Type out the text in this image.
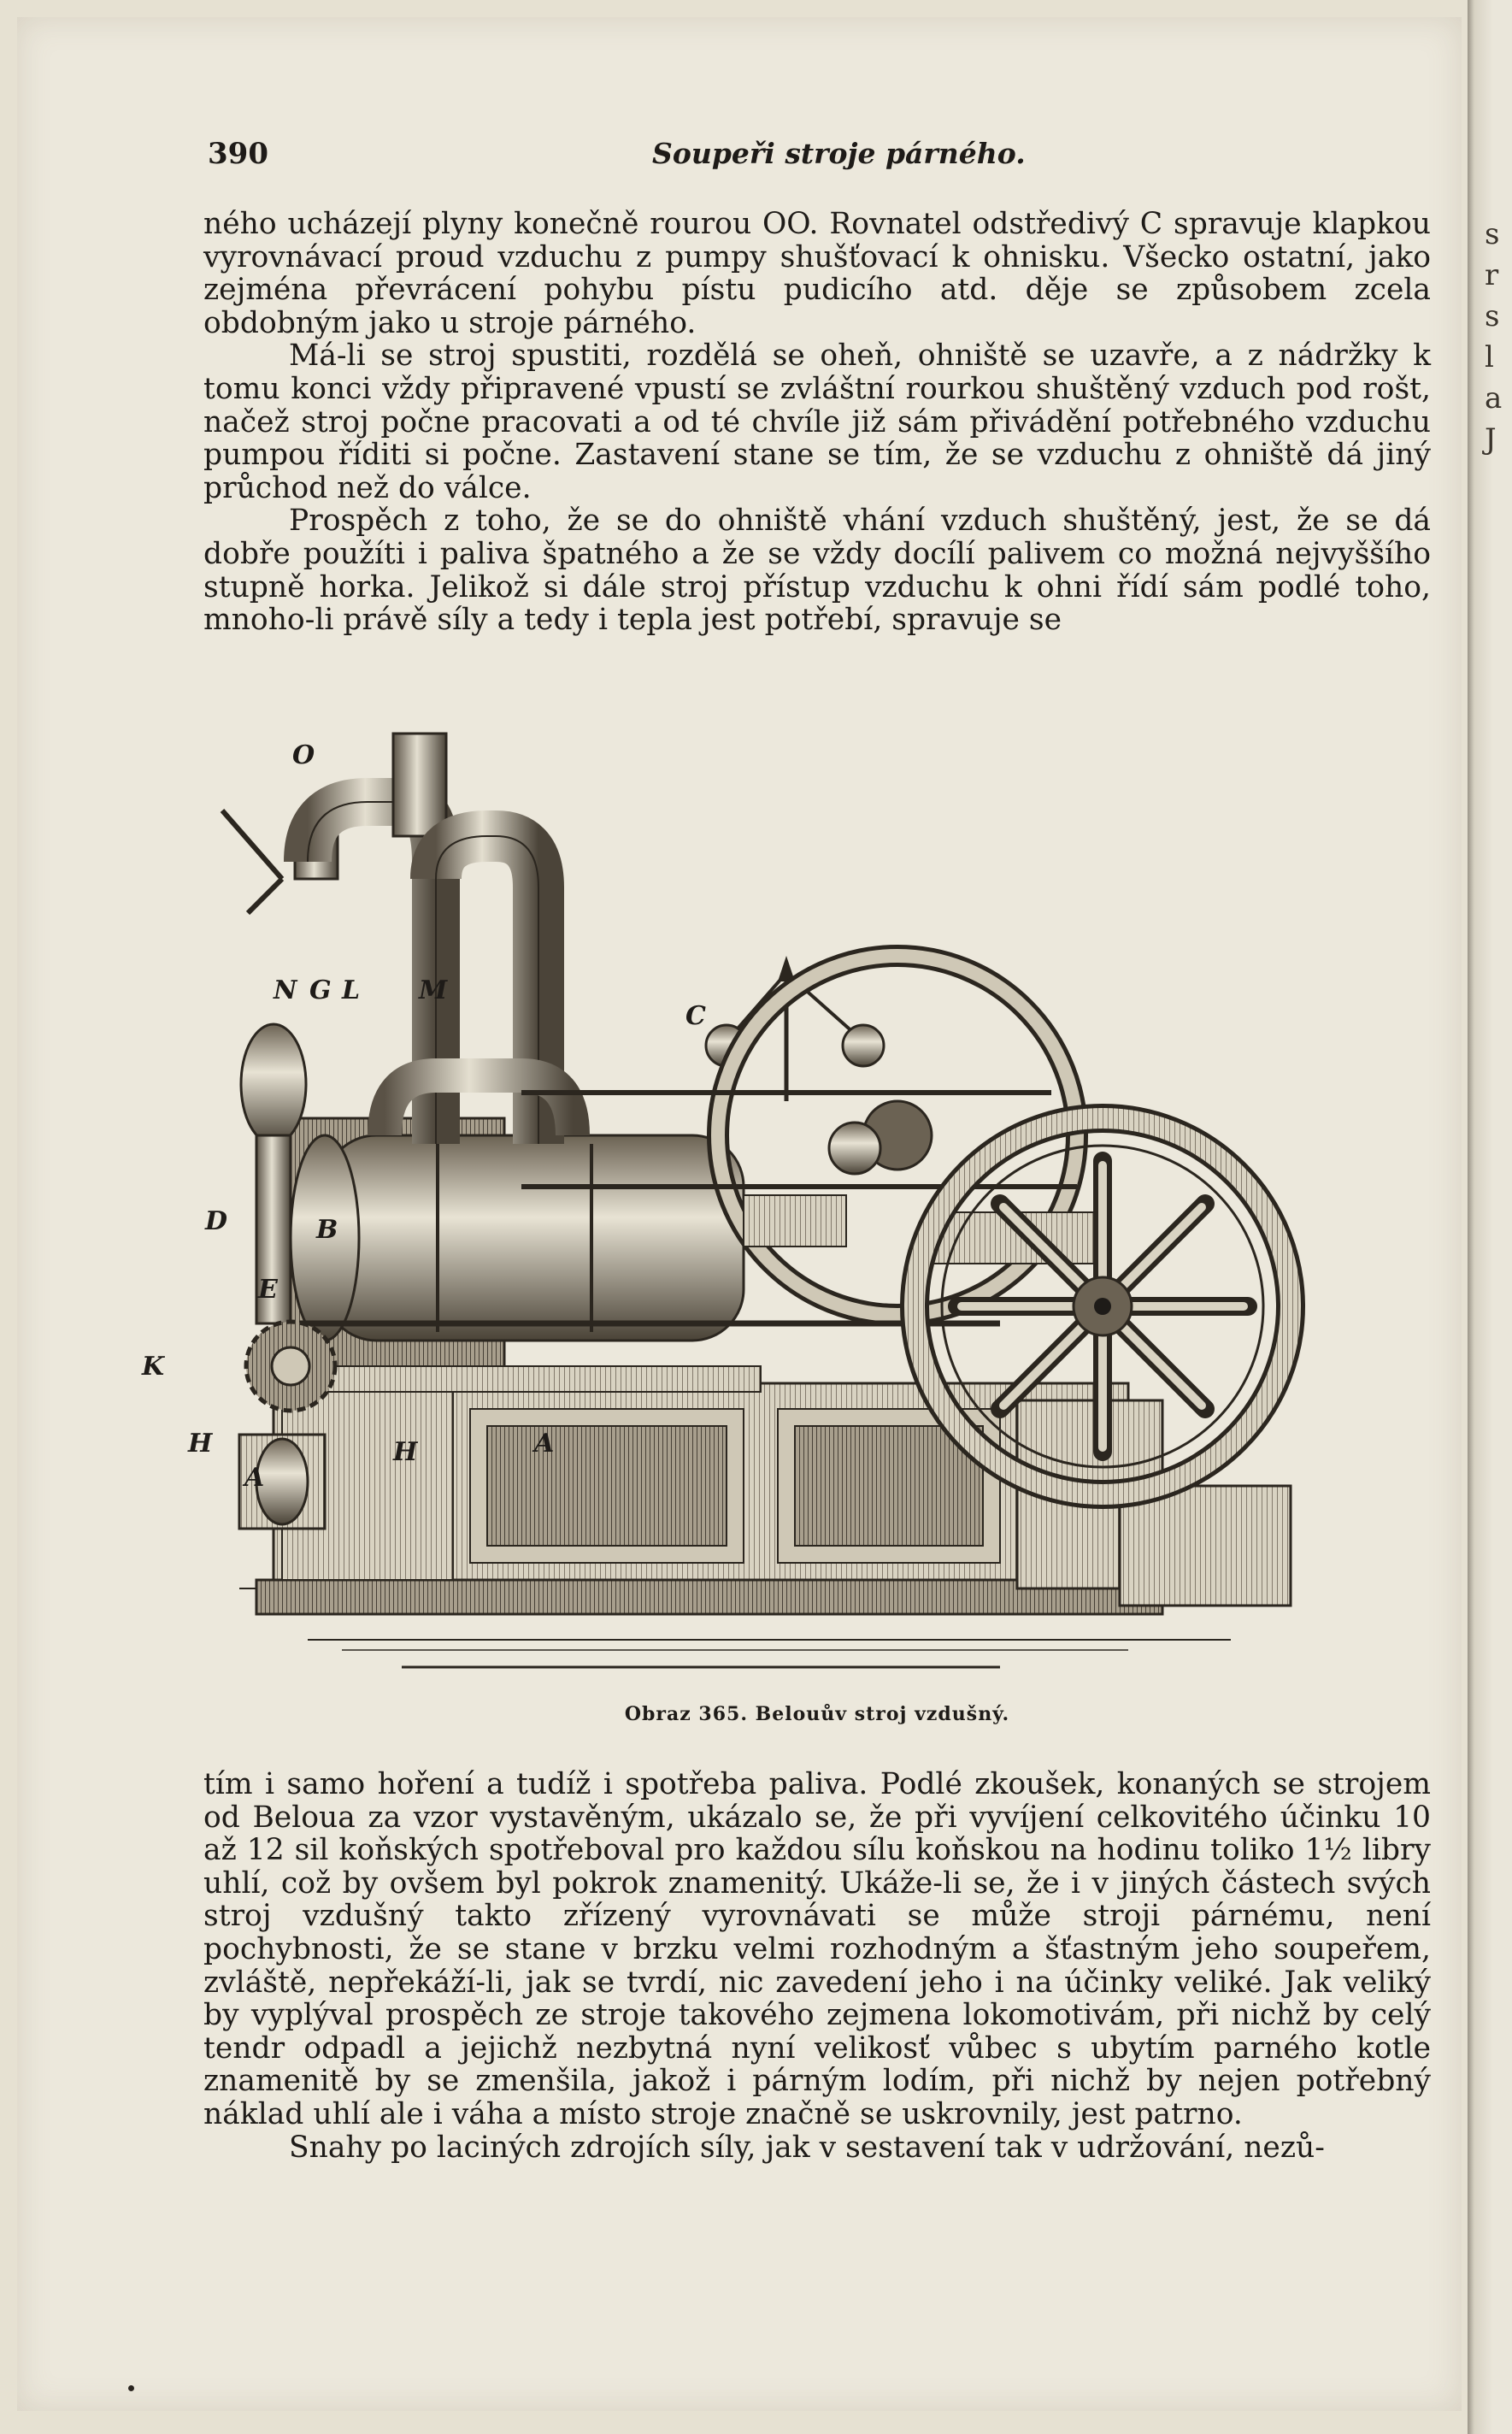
s
r
s
l
a
J
390	Soupeři stroje párného.

ného ucházejí plyny konečně rourou OO. Rovnatel odstředivý C spravuje klapkou vyrovnávací proud vzduchu z pumpy shušťovací k ohnisku. Všecko ostatní, jako zejména převrácení pohybu pístu pudicího atd. děje se způsobem zcela obdobným jako u stroje párného.

Má-li se stroj spustiti, rozdělá se oheň, ohniště se uzavře, a z nádržky k tomu konci vždy připravené vpustí se zvláštní rourkou shuštěný vzduch pod rošt, načež stroj počne pracovati a od té chvíle již sám přivádění potřebného vzduchu pumpou říditi si počne. Zastavení stane se tím, že se vzduchu z ohniště dá jiný průchod než do válce.

Prospěch z toho, že se do ohniště vhání vzduch shuštěný, jest, že se dá dobře použíti i paliva špatného a že se vždy docílí palivem co možná nejvyššího stupně horka. Jelikož si dále stroj přístup vzduchu k ohni řídí sám podlé toho, mnoho-li právě síly a tedy i tepla jest potřebí, spravuje se

O
N G L M
C
D	B
E
K
H
A
H	A
Obraz 365. Belouův stroj vzdušný.

tím i samo hoření a tudíž i spotřeba paliva. Podlé zkoušek, konaných se strojem od Beloua za vzor vystavěným, ukázalo se, že při vyvíjení celkovitého účinku 10 až 12 sil koňských spotřeboval pro každou sílu koňskou na hodinu toliko 1½ libry uhlí, což by ovšem byl pokrok znamenitý. Ukáže-li se, že i v jiných částech svých stroj vzdušný takto zřízený vyrovnávati se může stroji párnému, není pochybnosti, že se stane v brzku velmi rozhodným a šťastným jeho soupeřem, zvláště, nepřekáží-li, jak se tvrdí, nic zavedení jeho i na účinky veliké. Jak veliký by vyplýval prospěch ze stroje takového zejmena lokomotivám, při nichž by celý tendr odpadl a jejichž nezbytná nyní velikosť vůbec s ubytím parného kotle znamenitě by se zmenšila, jakož i párným lodím, při nichž by nejen potřebný náklad uhlí ale i váha a místo stroje značně se uskrovnily, jest patrno.

Snahy po laciných zdrojích síly, jak v sestavení tak v udržování, nezů-
